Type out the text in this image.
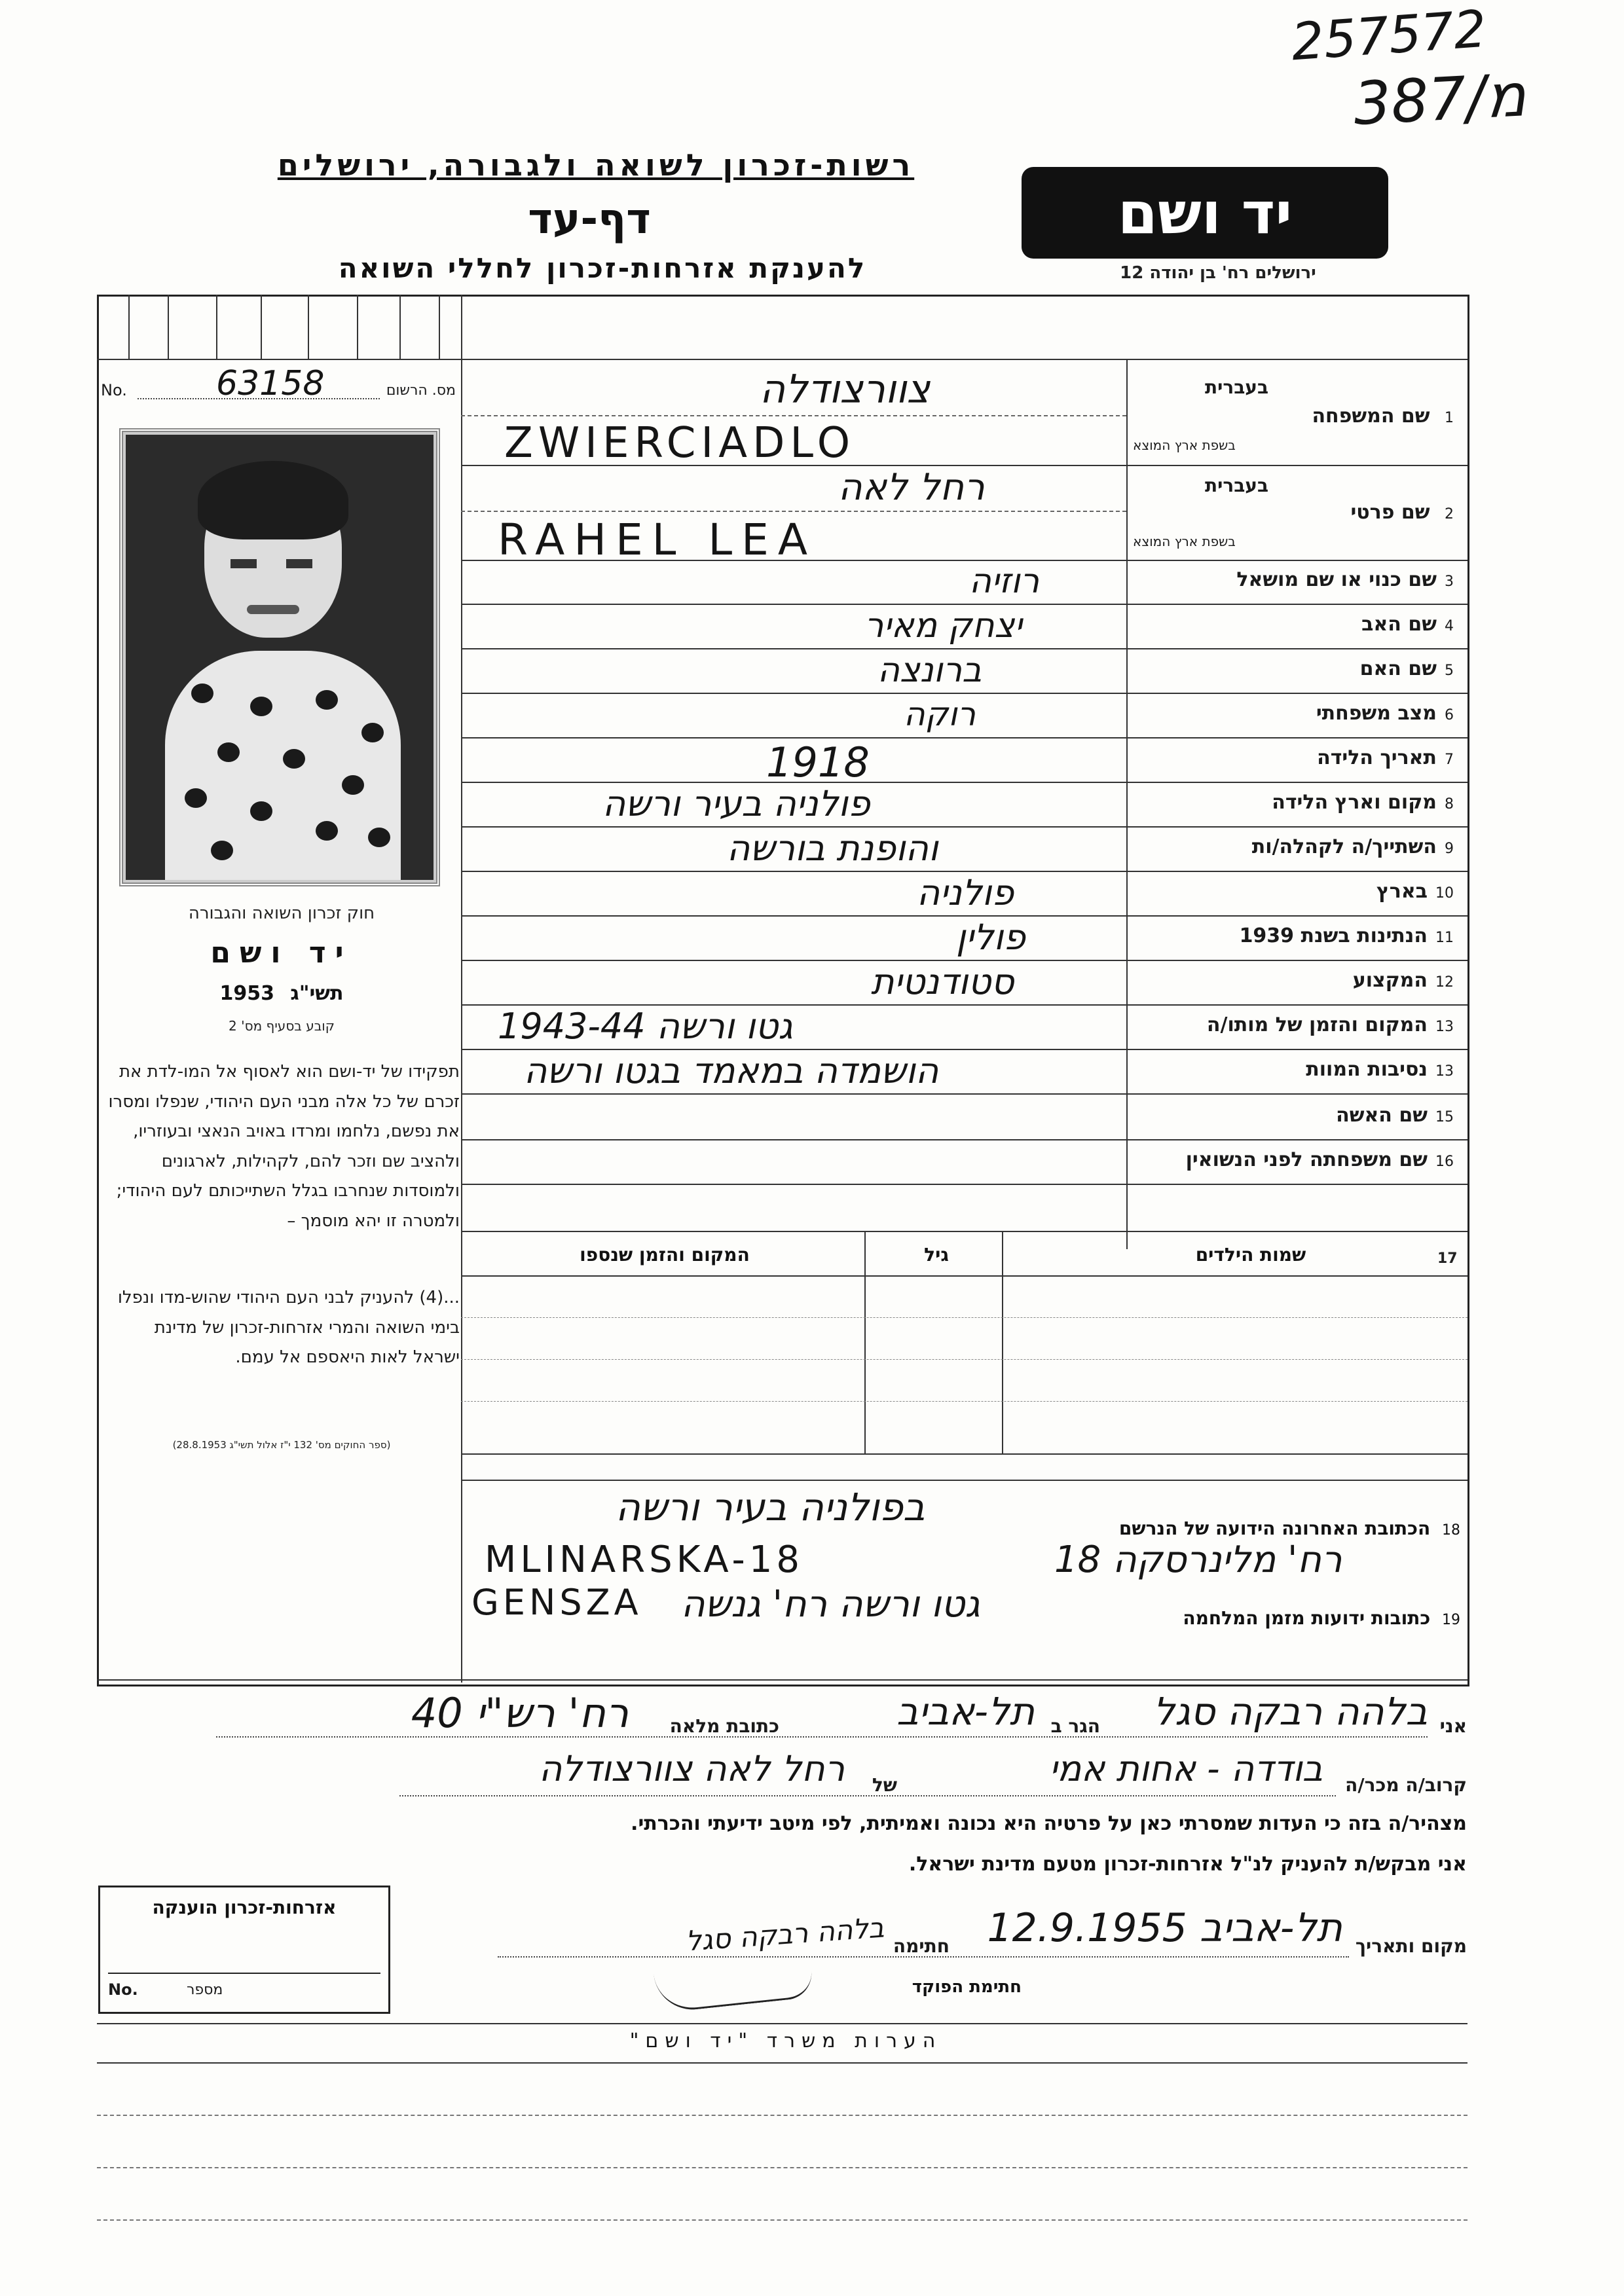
257572
387/מ
רשות-זכרון לשואה ולגבורה, ירושלים
דף-עד
להענקת אזרחות-זכרון לחללי השואה
יד ושם
ירושלים רח' בן יהודה 12
No.	63158	מס. הרשום
חוק זכרון השואה והגבורה
יד ושם
תשי"ג 1953
קובע בסעיף מס' 2
תפקידו של יד-ושם הוא לאסוף אל המו-לדת את זכרם של כל אלה מבני העם היהודי, שנפלו ומסרו את נפשם, נלחמו ומרדו באויב הנאצי ובעוזריו, ולהציב שם וזכר להם, לקהילות, לארגונים ולמוסדות שנחרבו בגלל השתייכותם לעם היהודי; ולמטרה זו יהא מוסמך –
...(4) להעניק לבני העם היהודי שהוש-מדו ונפלו בימי השואה והמרי אזרחות-זכרון של מדינת ישראל לאות היאספם אל עמם.
(ספר החוקים מס' 132 י"ז אלול תשי"ג 28.8.1953)
1 שם המשפחה
בעברית
בשפת ארץ המוצא
צוורצודלה
ZWIERCIADLO
2 שם פרטי
בעברית
בשפת ארץ המוצא
רחל לאה
RAHEL LEA
3שם כנוי או שם מושאל
רוזיה
4שם האב
יצחק מאיר
5שם האם
ברונצה
6מצב משפחתי
רוקה
7תאריך הלידה
1918
8מקום וארץ הלידה
פולניה בעיר ורשה
9השתייך/ה לקהלה/ות
והופנת בורשה
10בארץ
פולניה
11הנתינות בשנת 1939
פולין
12המקצוע
סטודנטית
13המקום והזמן של מותו/ה
1943-44 גטו ורשה
13נסיבות המוות
הושמדה במאמד בגטו ורשה
15שם האשה
16שם משפחתה לפני הנשואין
שמות הילדים	17
גיל
המקום והזמן שנספו
18 הכתובת האחרונה הידועה של הנרשם
בפולניה בעיר ורשה
MLINARSKA-18	רח' מלינרסקה 18
19 כתובות ידועות מזמן המלחמה
GENSZA גטו ורשה רח' גנשה
אני
בלהה רבקה סגל
הגר ב
תל-אביב
כתובת מלאה
רח' רש"י 40
קרוב/ה מכר/ה
בודדה - אחות אמי
של
רחל לאה צוורצודלה
מצהיר/ה בזה כי העדות שמסרתי כאן על פרטיה היא נכונה ואמיתית, לפי מיטב ידיעתי והכרתי.
אני מבקש/ת להעניק לנ"ל אזרחות-זכרון מטעם מדינת ישראל.
מקום ותאריך
תל-אביב 12.9.1955
חתימה
בלהה רבקה סגל
חתימת הפוקד
אזרחות-זכרון הוענקה
No.	מספר
הערות משרד "יד ושם"
